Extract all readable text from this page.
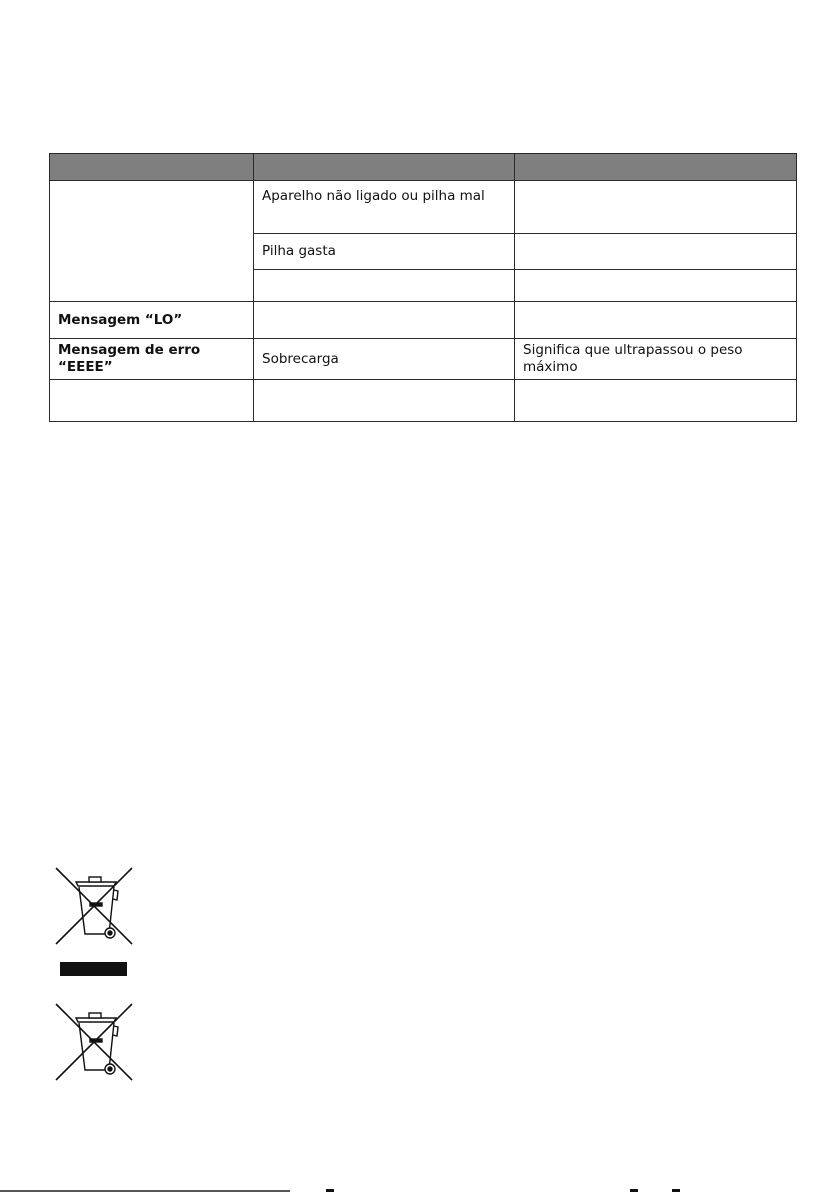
	Aparelho não ligado ou pilha mal	
	Pilha gasta	

Mensagem “LO”		
Mensagem de erro “EEEE”	Sobrecarga	Significa que ultrapassou o peso máximo
